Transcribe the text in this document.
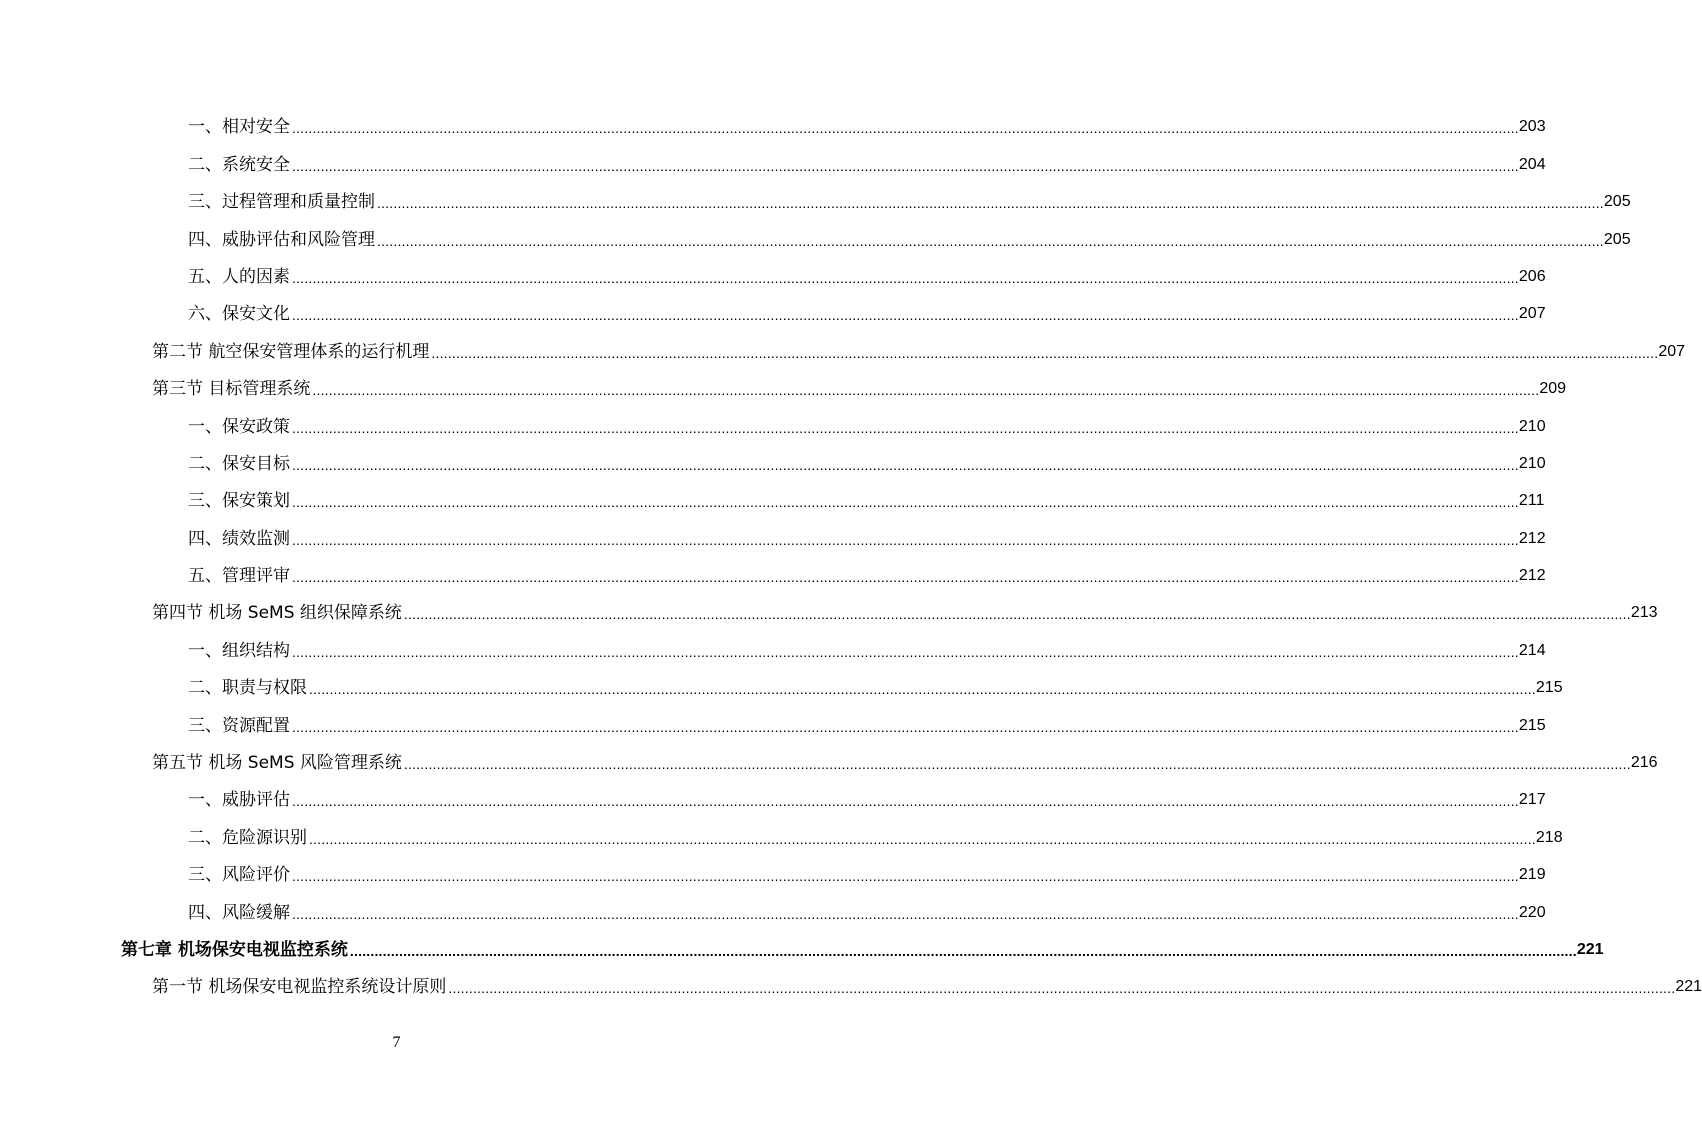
一、相对安全 ............................................................................................................................................................................................................................................................................................................ 203
二、系统安全 ............................................................................................................................................................................................................................................................................................................ 204
三、过程管理和质量控制 ............................................................................................................................................................................................................................................................................................................ 205
四、威胁评估和风险管理 ............................................................................................................................................................................................................................................................................................................ 205
五、人的因素 ............................................................................................................................................................................................................................................................................................................ 206
六、保安文化 ............................................................................................................................................................................................................................................................................................................ 207
第二节 航空保安管理体系的运行机理 ............................................................................................................................................................................................................................................................................................................ 207
第三节 目标管理系统 ............................................................................................................................................................................................................................................................................................................ 209
一、保安政策 ............................................................................................................................................................................................................................................................................................................ 210
二、保安目标 ............................................................................................................................................................................................................................................................................................................ 210
三、保安策划 ............................................................................................................................................................................................................................................................................................................ 211
四、绩效监测 ............................................................................................................................................................................................................................................................................................................ 212
五、管理评审 ............................................................................................................................................................................................................................................................................................................ 212
第四节 机场 SeMS 组织保障系统 ............................................................................................................................................................................................................................................................................................................ 213
一、组织结构 ............................................................................................................................................................................................................................................................................................................ 214
二、职责与权限 ............................................................................................................................................................................................................................................................................................................ 215
三、资源配置 ............................................................................................................................................................................................................................................................................................................ 215
第五节 机场 SeMS 风险管理系统 ............................................................................................................................................................................................................................................................................................................ 216
一、威胁评估 ............................................................................................................................................................................................................................................................................................................ 217
二、危险源识别 ............................................................................................................................................................................................................................................................................................................ 218
三、风险评价 ............................................................................................................................................................................................................................................................................................................ 219
四、风险缓解 ............................................................................................................................................................................................................................................................................................................ 220
第七章 机场保安电视监控系统 ............................................................................................................................................................................................................................................................................................................ 221
第一节 机场保安电视监控系统设计原则 ............................................................................................................................................................................................................................................................................................................ 221
7
